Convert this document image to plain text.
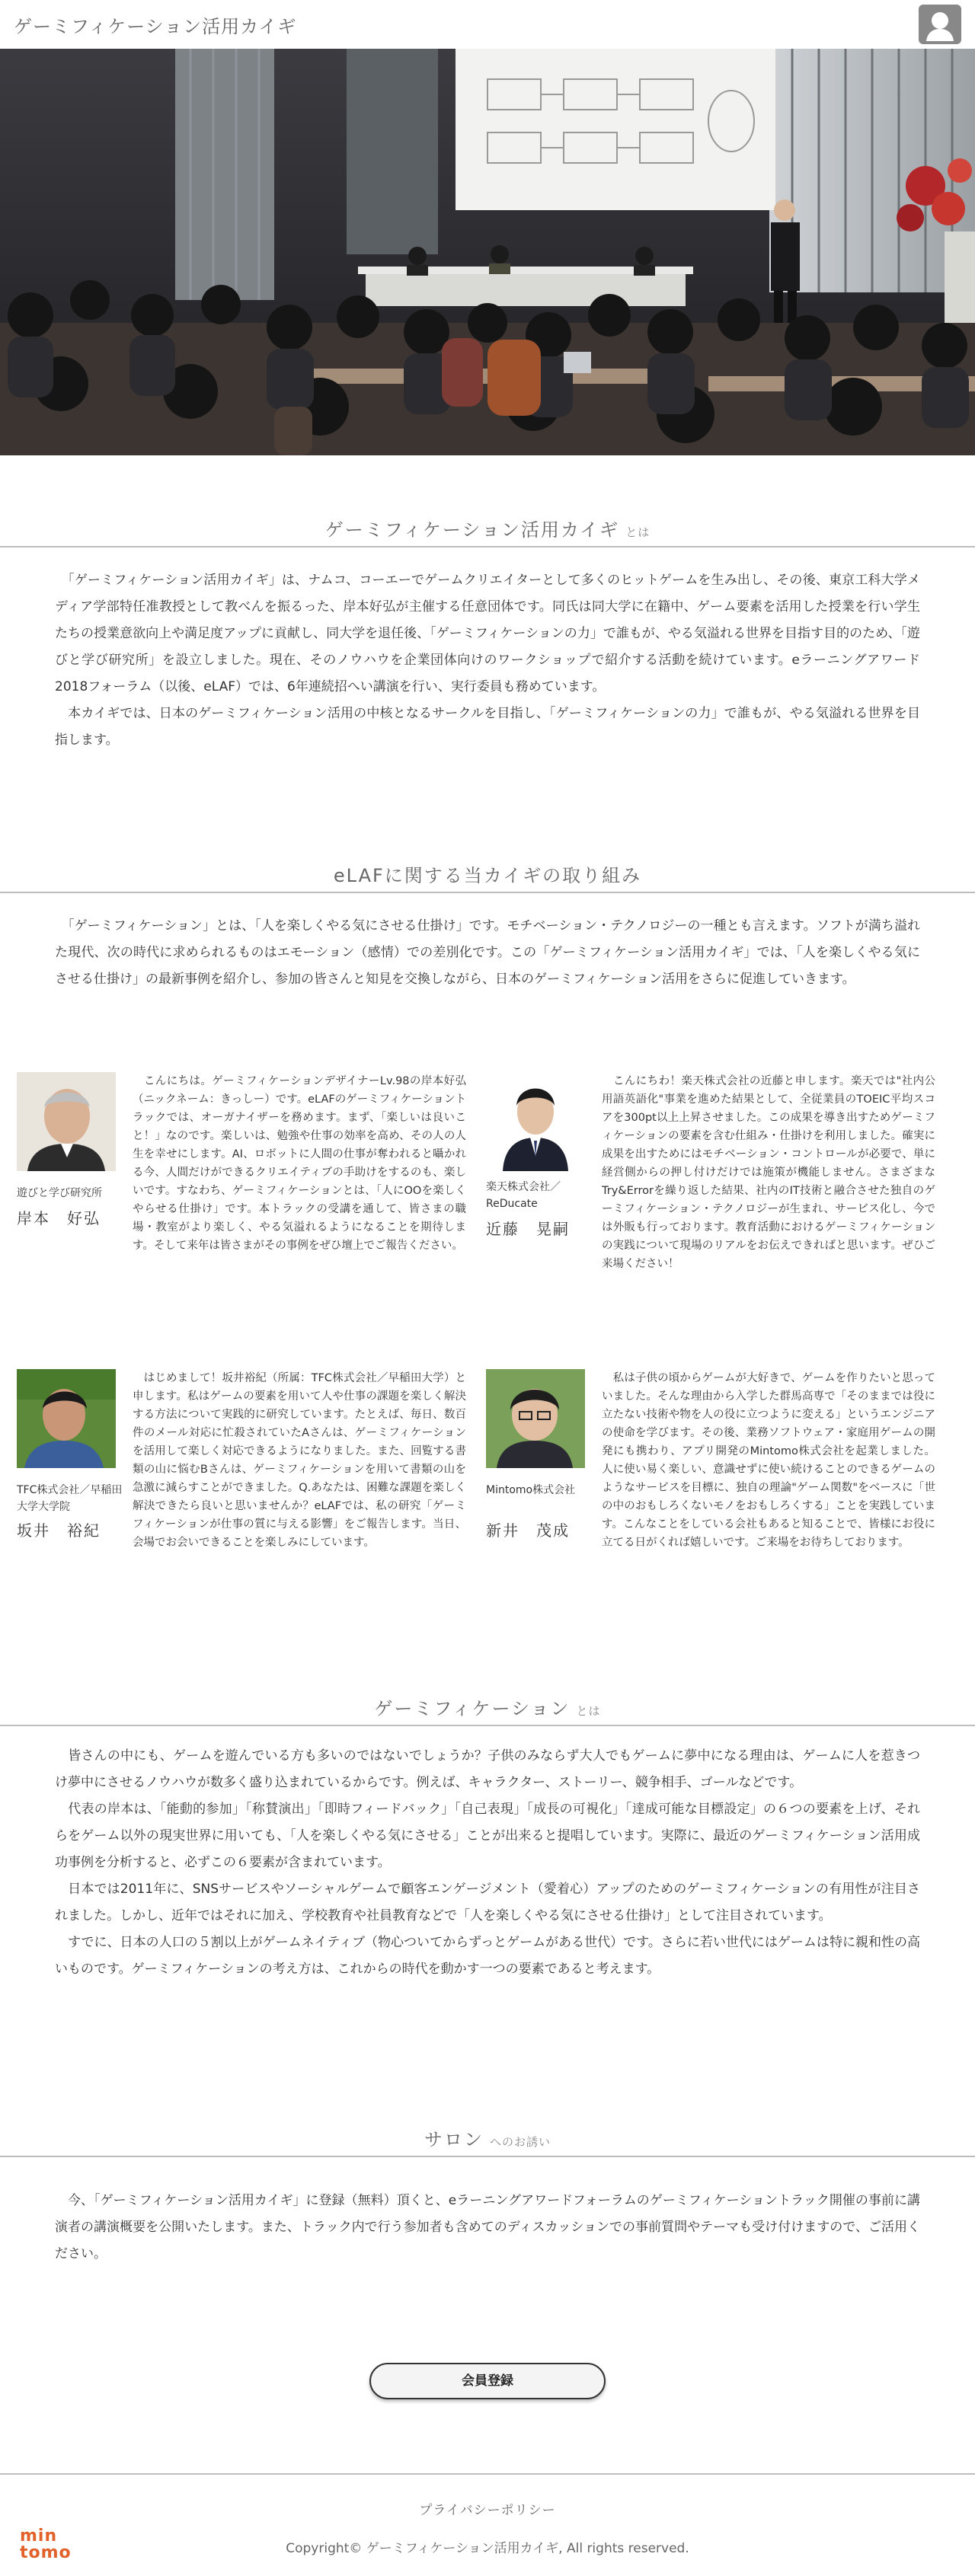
ゲーミフィケーション活用カイギ
ゲーミフィケーション活用カイギ とは

　「ゲーミフィケーション活用カイギ」は、ナムコ、コーエーでゲームクリエイターとして多くのヒットゲームを生み出し、その後、東京工科大学メディア学部特任准教授として教べんを振るった、岸本好弘が主催する任意団体です。同氏は同大学に在籍中、ゲーム要素を活用した授業を行い学生たちの授業意欲向上や満足度アップに貢献し、同大学を退任後、「ゲーミフィケーションの力」で誰もが、やる気溢れる世界を目指す目的のため、「遊びと学び研究所」を設立しました。現在、そのノウハウを企業団体向けのワークショップで紹介する活動を続けています。eラーニングアワード2018フォーラム（以後、eLAF）では、6年連続招へい講演を行い、実行委員も務めています。

　本カイギでは、日本のゲーミフィケーション活用の中核となるサークルを目指し、「ゲーミフィケーションの力」で誰もが、やる気溢れる世界を目指します。

eLAFに関する当カイギの取り組み

　「ゲーミフィケーション」とは、「人を楽しくやる気にさせる仕掛け」です。モチベーション・テクノロジーの一種とも言えます。ソフトが満ち溢れた現代、次の時代に求められるものはエモーション（感情）での差別化です。この「ゲーミフィケーション活用カイギ」では、「人を楽しくやる気にさせる仕掛け」の最新事例を紹介し、参加の皆さんと知見を交換しながら、日本のゲーミフィケーション活用をさらに促進していきます。

遊びと学び研究所
岸本　好弘
　こんにちは。ゲーミフィケーションデザイナーLv.98の岸本好弘（ニックネーム：きっしー）です。eLAFのゲーミフィケーショントラックでは、オーガナイザーを務めます。まず、「楽しいは良いこと！」なのです。楽しいは、勉強や仕事の効率を高め、その人の人生を幸せにします。AI、ロボットに人間の仕事が奪われると囁かれる今、人間だけができるクリエイティブの手助けをするのも、楽しいです。すなわち、ゲーミフィケーションとは、「人にOOを楽しくやらせる仕掛け」です。本トラックの受講を通して、皆さまの職場・教室がより楽しく、やる気溢れるようになることを期待します。そして来年は皆さまがその事例をぜひ壇上でご報告ください。
楽天株式会社／ReDucate
近藤　晃嗣
　こんにちわ！楽天株式会社の近藤と申します。楽天では"社内公用語英語化"事業を進めた結果として、全従業員のTOEIC平均スコアを300pt以上上昇させました。この成果を導き出すためゲーミフィケーションの要素を含む仕組み・仕掛けを利用しました。確実に成果を出すためにはモチベーション・コントロールが必要で、単に経営側からの押し付けだけでは施策が機能しません。さまざまなTry&Errorを繰り返した結果、社内のIT技術と融合させた独自のゲーミフィケーション・テクノロジーが生まれ、サービス化し、今では外販も行っております。教育活動におけるゲーミフィケーションの実践について現場のリアルをお伝えできればと思います。ぜひご来場ください！
TFC株式会社／早稲田大学大学院
坂井　裕紀
　はじめまして！坂井裕紀（所属：TFC株式会社／早稲田大学）と申します。私はゲームの要素を用いて人や仕事の課題を楽しく解決する方法について実践的に研究しています。たとえば、毎日、数百件のメール対応に忙殺されていたAさんは、ゲーミフィケーションを活用して楽しく対応できるようになりました。また、回覧する書類の山に悩むBさんは、ゲーミフィケーションを用いて書類の山を急激に減らすことができました。Q.あなたは、困難な課題を楽しく解決できたら良いと思いませんか？eLAFでは、私の研究「ゲーミフィケーションが仕事の質に与える影響」をご報告します。当日、会場でお会いできることを楽しみにしています。
Mintomo株式会社
新井　茂成
　私は子供の頃からゲームが大好きで、ゲームを作りたいと思っていました。そんな理由から入学した群馬高専で「そのままでは役に立たない技術や物を人の役に立つように変える」というエンジニアの使命を学びます。その後、業務ソフトウェア・家庭用ゲームの開発にも携わり、アプリ開発のMintomo株式会社を起業しました。人に使い易く楽しい、意識せずに使い続けることのできるゲームのようなサービスを目標に、独自の理論"ゲーム関数"をベースに「世の中のおもしろくないモノをおもしろくする」ことを実践しています。こんなことをしている会社もあると知ることで、皆様にお役に立てる日がくれば嬉しいです。ご来場をお待ちしております。
ゲーミフィケーション とは

　皆さんの中にも、ゲームを遊んでいる方も多いのではないでしょうか？子供のみならず大人でもゲームに夢中になる理由は、ゲームに人を惹きつけ夢中にさせるノウハウが数多く盛り込まれているからです。例えば、キャラクター、ストーリー、競争相手、ゴールなどです。

　代表の岸本は、「能動的参加」「称賛演出」「即時フィードバック」「自己表現」「成長の可視化」「達成可能な目標設定」の６つの要素を上げ、それらをゲーム以外の現実世界に用いても、「人を楽しくやる気にさせる」ことが出来ると提唱しています。実際に、最近のゲーミフィケーション活用成功事例を分析すると、必ずこの６要素が含まれています。

　日本では2011年に、SNSサービスやソーシャルゲームで顧客エンゲージメント（愛着心）アップのためのゲーミフィケーションの有用性が注目されました。しかし、近年ではそれに加え、学校教育や社員教育などで「人を楽しくやる気にさせる仕掛け」として注目されています。

　すでに、日本の人口の５割以上がゲームネイティブ（物心ついてからずっとゲームがある世代）です。さらに若い世代にはゲームは特に親和性の高いものです。ゲーミフィケーションの考え方は、これからの時代を動かす一つの要素であると考えます。

サロン へのお誘い

　今、「ゲーミフィケーション活用カイギ」に登録（無料）頂くと、eラーニングアワードフォーラムのゲーミフィケーショントラック開催の事前に講演者の講演概要を公開いたします。また、トラック内で行う参加者も含めてのディスカッションでの事前質問やテーマも受け付けますので、ご活用ください。

会員登録
プライバシーポリシー
min
tomo	Copyright© ゲーミフィケーション活用カイギ, All rights reserved.
